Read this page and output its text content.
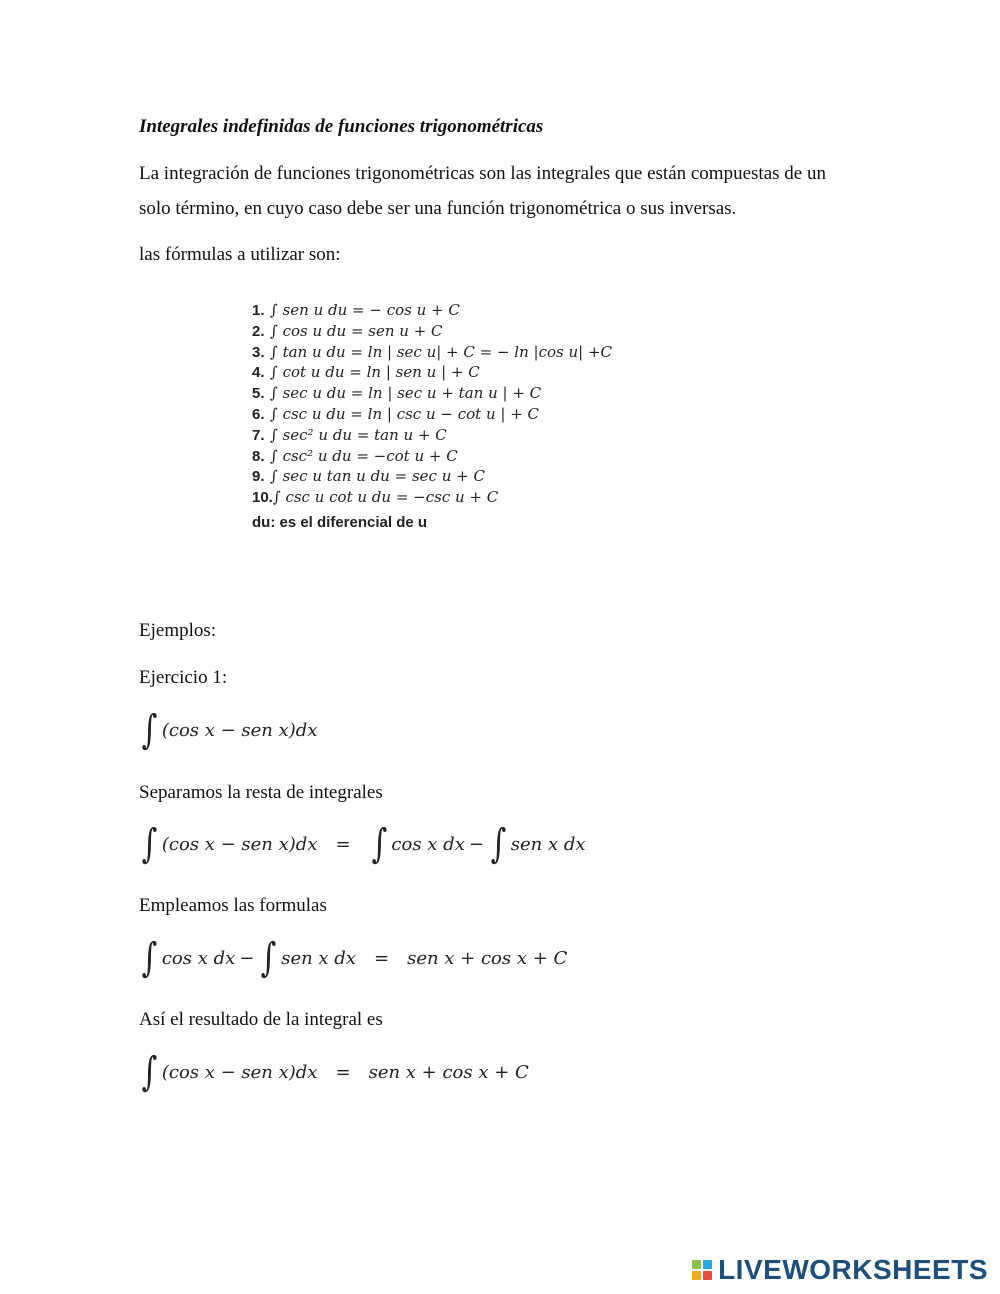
Integrales indefinidas de funciones trigonométricas
La integración de funciones trigonométricas son las integrales que están compuestas de un
solo término, en cuyo caso debe ser una función trigonométrica o sus inversas.
las fórmulas a utilizar son:
1. ∫ sen u du = − cos u + C
2. ∫ cos u du = sen u + C
3. ∫ tan u du = ln | sec u| + C = − ln |cos u| +C
4. ∫ cot u du = ln | sen u | + C
5. ∫ sec u du = ln | sec u + tan u | + C
6. ∫ csc u du = ln | csc u − cot u | + C
7. ∫ sec² u du = tan u + C
8. ∫ csc² u du = −cot u + C
9. ∫ sec u tan u du = sec u + C
10.∫ csc u cot u du = −csc u + C
du: es el diferencial de u
Ejemplos:
Ejercicio 1:
∫ (cos x − sen x)dx
Separamos la resta de integrales
∫ (cos x − sen x)dx = ∫ cos x dx − ∫ sen x dx
Empleamos las formulas
∫ cos x dx − ∫ sen x dx = sen x + cos x + C
Así el resultado de la integral es
∫ (cos x − sen x)dx = sen x + cos x + C
LIVEWORKSHEETS
